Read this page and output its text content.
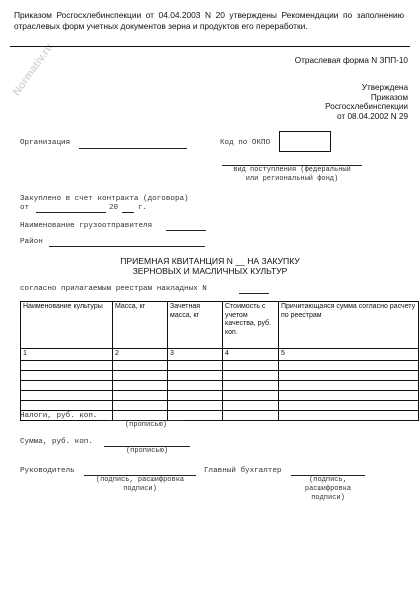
Normativ.ru
Приказом Росгосхлебинспекции от 04.04.2003 N 20 утверждены Рекомендации по заполнению отраслевых форм учетных документов зерна и продуктов его переработки.
Отраслевая форма N ЗПП-10
Утверждена
Приказом
Росгосхлебинспекции
от 08.04.2002 N 29
Организация	Код по ОКПО
вид поступления (федеральный
или региональный фонд)
Закуплено в счет контракта (договора)
от	20	г.
Наименование грузоотправителя
Район
ПРИЕМНАЯ КВИТАНЦИЯ N __ НА ЗАКУПКУ
ЗЕРНОВЫХ И МАСЛИЧНЫХ КУЛЬТУР
согласно прилагаемым реестрам накладных N
Наименование культуры	Масса, кг	Зачетная масса, кг	Стоимость с учетом качества, руб. коп.	Причитающаяся сумма согласно расчету по реестрам
1	2	3	4	5

Налоги, руб. коп.
(прописью)
Сумма, руб. коп.
(прописью)
Руководитель
(подпись, расшифровка
подписи)
Главный бухгалтер
(подпись,
расшифровка
подписи)
